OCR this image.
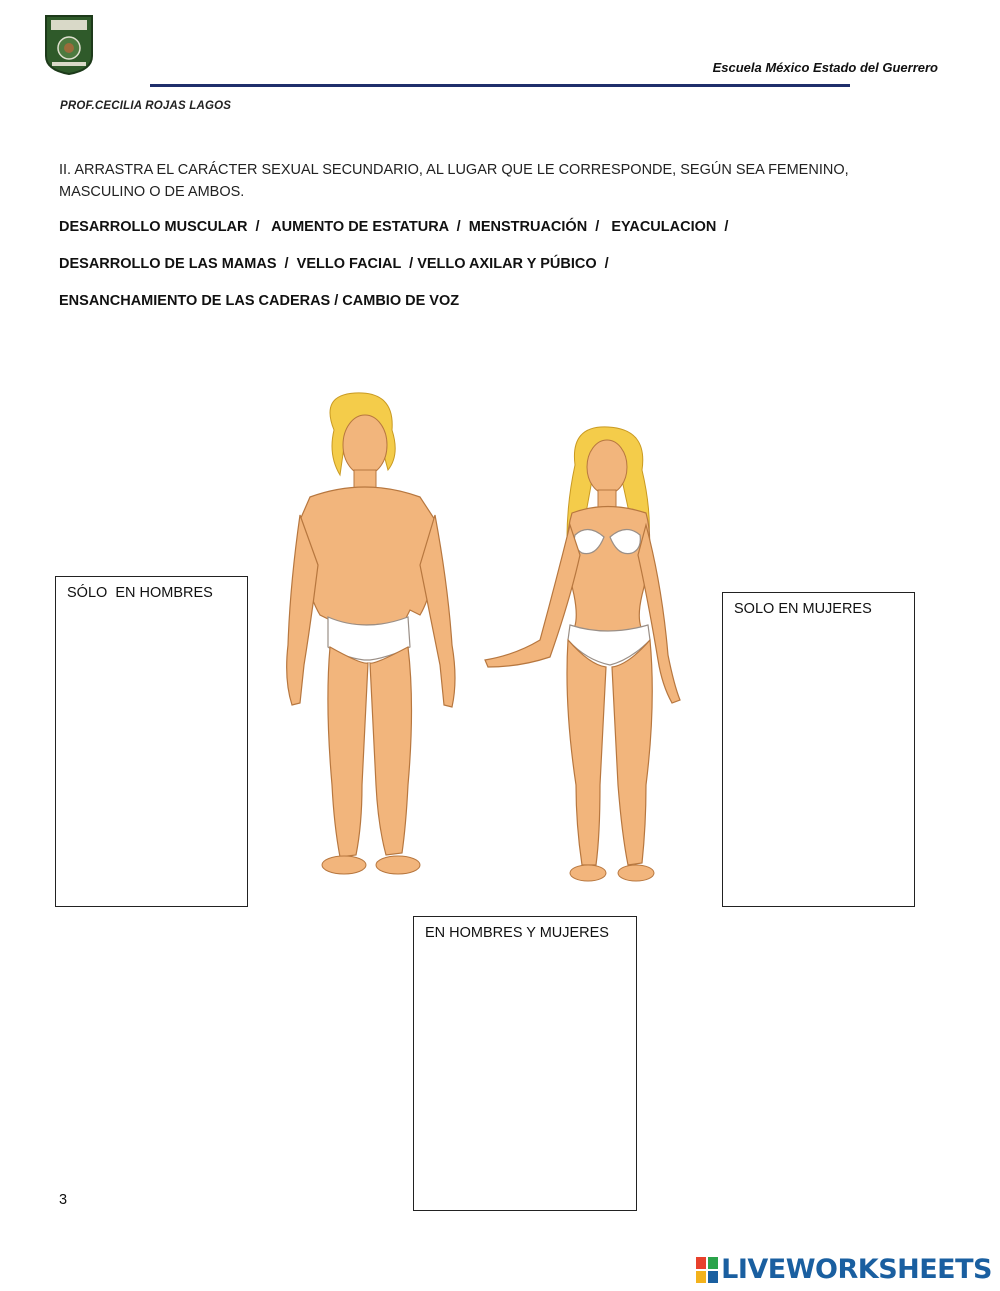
Escuela México Estado del Guerrero
PROF.CECILIA ROJAS LAGOS
II. ARRASTRA EL CARÁCTER SEXUAL SECUNDARIO, AL LUGAR QUE LE CORRESPONDE, SEGÚN SEA FEMENINO, MASCULINO O DE AMBOS.
DESARROLLO MUSCULAR  /   AUMENTO DE ESTATURA  /  MENSTRUACIÓN  /   EYACULACION  /
DESARROLLO DE LAS MAMAS  /  VELLO FACIAL  / VELLO AXILAR Y PÚBICO  /
ENSANCHAMIENTO DE LAS CADERAS / CAMBIO DE VOZ
SÓLO  EN HOMBRES
SOLO EN MUJERES
EN HOMBRES Y MUJERES
3
LIVEWORKSHEETS
